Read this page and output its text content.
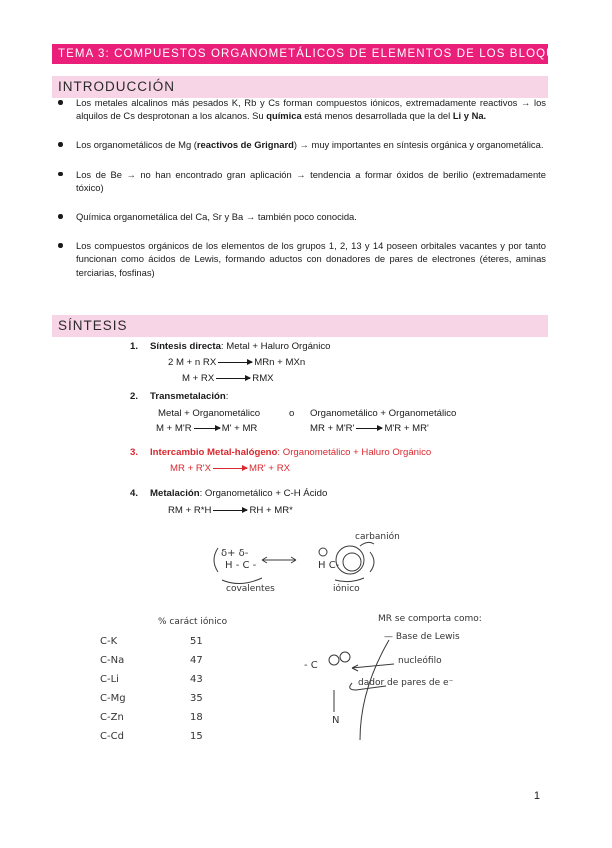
TEMA 3: COMPUESTOS ORGANOMETÁLICOS DE ELEMENTOS DE LOS BLOQUES S Y P
INTRODUCCIÓN
Los metales alcalinos más pesados K, Rb y Cs forman compuestos iónicos, extremadamente reactivos → los alquilos de Cs desprotonan a los alcanos. Su química está menos desarrollada que la del Li y Na.
Los organometálicos de Mg (reactivos de Grignard) → muy importantes en síntesis orgánica y organometálica.
Los de Be → no han encontrado gran aplicación → tendencia a formar óxidos de berilio (extremadamente tóxico)
Química organometálica del Ca, Sr y Ba → también poco conocida.
Los compuestos orgánicos de los elementos de los grupos 1, 2, 13 y 14 poseen orbitales vacantes y por tanto funcionan como ácidos de Lewis, formando aductos con donadores de pares de electrones (éteres, aminas terciarias, fosfinas)
SÍNTESIS
1. Síntesis directa: Metal + Haluro Orgánico
2 M + n RX → MRn + MXn
M + RX → RMX
2. Transmetalación:
Metal + Organometálico	o Organometálico + Organometálico
M + M'R → M' + MR	MR + M'R' → M'R + MR'
3. Intercambio Metal-halógeno: Organometálico + Haluro Orgánico
MR + R'X → MR' + RX
4. Metalación: Organometálico + C-H Ácido
RM + R*H → RH + MR*
δ+ δ-
H - C -	H C-
carbanión
covalentes	iónico
% caráct iónico
C-K	51
C-Na	47
C-Li	43
C-Mg	35
C-Zn	18
C-Cd	15
MR se comporta como:
— Base de Lewis
nucleófilo
dador de pares de e⁻
- C
N
1
